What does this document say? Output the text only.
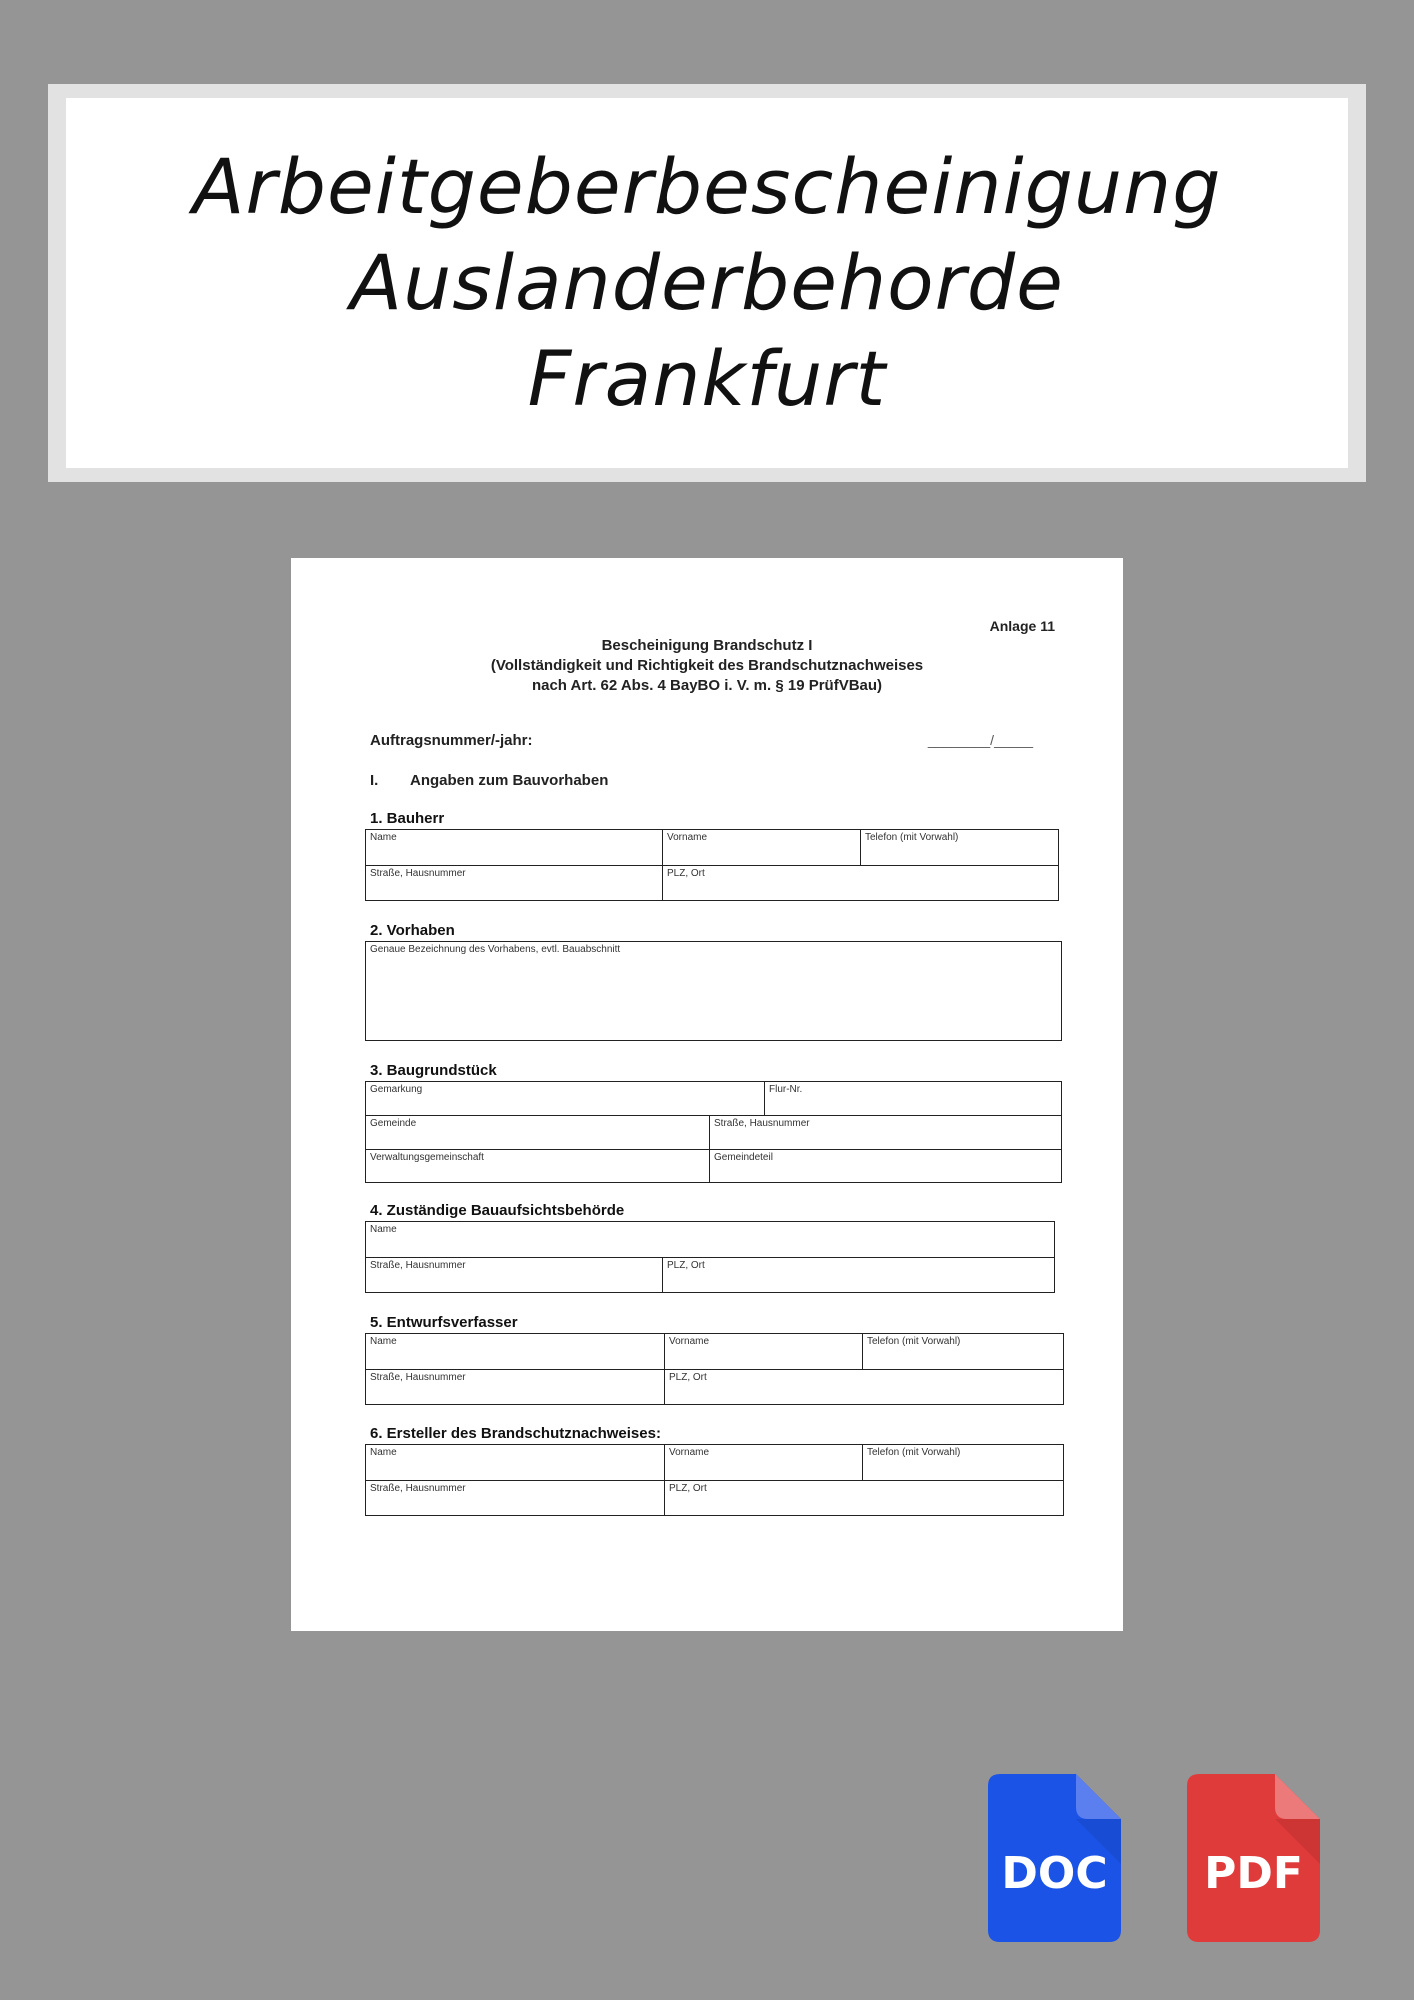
Arbeitgeberbescheinigung
Auslanderbehorde
Frankfurt
Anlage 11
Bescheinigung Brandschutz I
(Vollständigkeit und Richtigkeit des Brandschutznachweises
nach Art. 62 Abs. 4 BayBO i. V. m. § 19 PrüfVBau)
Auftragsnummer/-jahr:	________/_____
I. Angaben zum Bauvorhaben
1. Bauherr
Name	Vorname	Telefon (mit Vorwahl)
Straße, Hausnummer	PLZ, Ort
2. Vorhaben
Genaue Bezeichnung des Vorhabens, evtl. Bauabschnitt
3. Baugrundstück
Gemarkung	Flur-Nr.
Gemeinde	Straße, Hausnummer
Verwaltungsgemeinschaft	Gemeindeteil
4. Zuständige Bauaufsichtsbehörde
Name
Straße, Hausnummer	PLZ, Ort
5. Entwurfsverfasser
Name	Vorname	Telefon (mit Vorwahl)
Straße, Hausnummer	PLZ, Ort
6. Ersteller des Brandschutznachweises:
Name	Vorname	Telefon (mit Vorwahl)
Straße, Hausnummer	PLZ, Ort
DOC	PDF
